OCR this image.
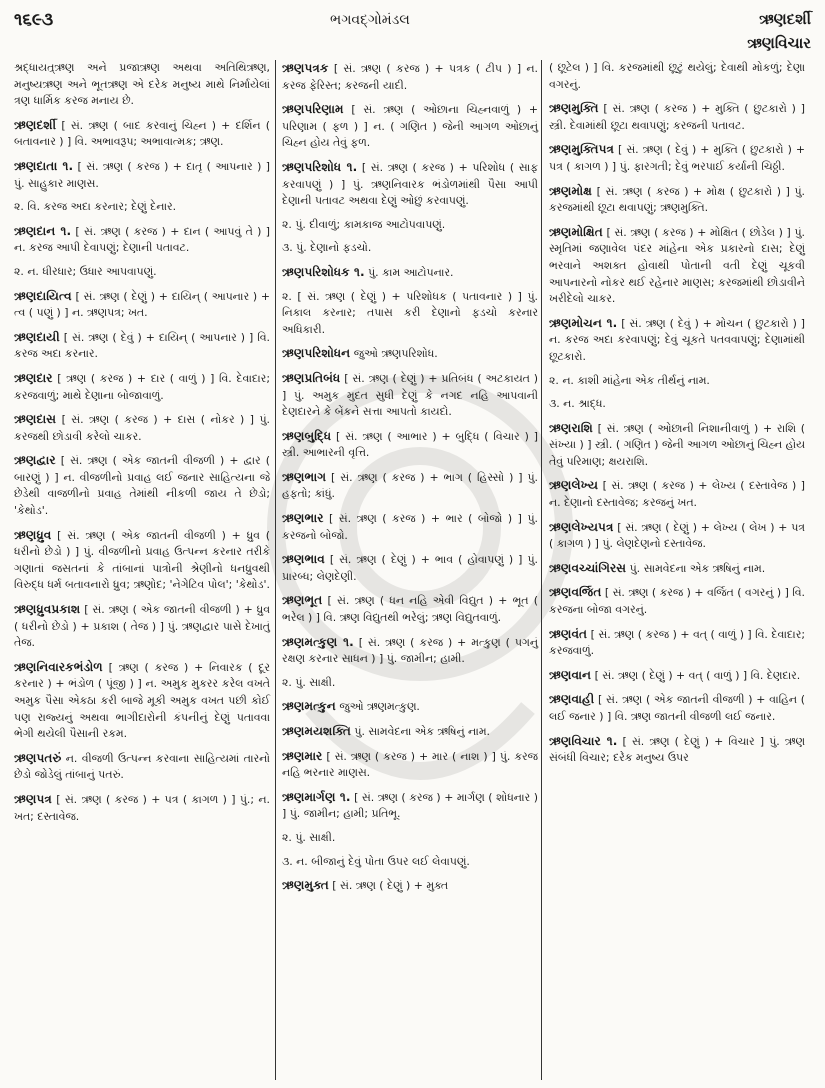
૧૬૯૩	ભગવદ્ગોમંડલ	ઋણદર્શી
ઋણવિચાર

શ્રદ્ધાયત્ર્ઋણ અને પ્રજાઋણ અથવા અતિથિઋણ, મનુષ્યઋણ અને ભૂતઋણ એ દરેક મનુષ્ય માથે નિર્માયેલાં ત્રણ ધાર્મિક કરજ મનાય છે.

ઋણદર્શી [ સં. ઋણ ( બાદ કરવાનું ચિહ્ન ) + દર્શિન ( બતાવનાર ) ] વિ. અભાવરૂપ; અભાવાત્મક; ઋણ.

ઋણદાતા ૧. [ સં. ઋણ ( કરજ ) + દાતૃ ( આપનાર ) ] પું. સાહુકાર માણસ.

૨. વિ. કરજ અદા કરનાર; દેણું દેનાર.

ઋણદાન ૧. [ સં. ઋણ ( કરજ ) + દાન ( આપવું તે ) ] ન. કરજ આપી દેવાપણું; દેણાની પતાવટ.

૨. ન. ધીરધાર; ઉધાર આપવાપણું.

ઋણદાયિત્વ [ સં. ઋણ ( દેણું ) + દાયિન્ ( આપનાર ) + ત્વ ( પણું ) ] ન. ઋણપત્ર; ખત.

ઋણદાયી [ સં. ઋણ ( દેવું ) + દાયિન્ ( આપનાર ) ] વિ. કરજ અદા કરનાર.

ઋણદાર [ ઋણ ( કરજ ) + દાર ( વાળું ) ] વિ. દેવાદાર; કરજવાળું; માથે દેણાના બોજાવાળું.

ઋણદાસ [ સં. ઋણ ( કરજ ) + દાસ ( નોકર ) ] પું. કરજથી છોડાવી કરેલો ચાકર.

ઋણદ્વાર [ સં. ઋણ ( એક જાતની વીજળી ) + દ્વાર ( બારણું ) ] ન. વીજળીનો પ્રવાહ લઈ જનાર સાહિત્યના જે છેડેથી વાજળીનો પ્રવાહ તેમાંથી નીકળી જાય તે છેડો; 'કેથોડ'.

ઋણધ્રુવ [ સં. ઋણ ( એક જાતની વીજળી ) + ધ્રુવ ( ધરીનો છેડો ) ] પું. વીજળીનો પ્રવાહ ઉત્પન્ન કરનાર તરીકે ગણાતાં જસતનાં કે તાંબાનાં પાત્રોની શ્રેણીનો ધનધ્રુવથી વિરુદ્ધ ધર્મ બતાવનારો ધ્રુવ; ઋણોદ; 'નેગેટિવ પોલ'; 'કેથોડ'.

ઋણધ્રુવપ્રકાશ [ સં. ઋણ ( એક જાતની વીજળી ) + ધ્રુવ ( ધરીનો છેડો ) + પ્રકાશ ( તેજ ) ] પું. ઋણદ્વાર પાસે દેખાતું તેજ.

ઋણનિવારકભંડોળ [ ઋણ ( કરજ ) + નિવારક ( દૂર કરનાર ) + ભંડોળ ( પૂંજી ) ] ન. અમુક મુકરર કરેલ વખતે અમુક પૈસા એકઠા કરી બાજે મૂકી અમુક વખત પછી કોઈ પણ રાજ્યનું અથવા ભાગીદારોની કંપનીનું દેણું પતાવવા ભેગી થયેલી પૈસાની રકમ.

ઋણપતરું ન. વીજળી ઉત્પન્ન કરવાના સાહિત્યમાં તારનો છેડો જોડેલું તાંબાનું પતરું.

ઋણપત્ર [ સં. ઋણ ( કરજ ) + પત્ર ( કાગળ ) ] પું.; ન. ખત; દસ્તાવેજ.

ઋણપત્રક [ સં. ઋણ ( કરજ ) + પત્રક ( ટીપ ) ] ન. કરજ ફેરિસ્ત; કરજની યાદી.

ઋણપરિણામ [ સં. ઋણ ( ઓછાના ચિહ્નવાળું ) + પરિણામ ( ફળ ) ] ન. ( ગણિત ) જેની આગળ ઓછાનું ચિહ્ન હોય તેવું ફળ.

ઋણપરિશોધ ૧. [ સં. ઋણ ( કરજ ) + પરિશોધ ( સાફ કરવાપણું ) ] પું. ઋણનિવારક ભંડોળમાંથી પૈસા આપી દેણાની પતાવટ અથવા દેણું ઓછું કરવાપણું.

૨. પું. દીવાળું; કામકાજ આટોપવાપણું.

૩. પું. દેણાનો ફડચો.

ઋણપરિશોધક ૧. પું. કામ આટોપનાર.

૨. [ સં. ઋણ ( દેણું ) + પરિશોધક ( પતાવનાર ) ] પું. નિકાલ કરનાર; તપાસ કરી દેણાનો ફડચો કરનાર અધિકારી.

ઋણપરિશોધન જુઓ ઋણપરિશોધ.

ઋણપ્રતિબંધ [ સં. ઋણ ( દેણું ) + પ્રતિબંધ ( અટકાયત ) ] પું. અમુક મુદત સુધી દેણું કે નગદ નહિ આપવાની દેણદારને કે બેંકને સત્તા આપતો કાયદો.

ઋણબુદ્ધિ [ સં. ઋણ ( આભાર ) + બુદ્ધિ ( વિચાર ) ] સ્ત્રી. આભારની વૃત્તિ.

ઋણભાગ [ સં. ઋણ ( કરજ ) + ભાગ ( હિસ્સો ) ] પું. હફતો; કાંધું.

ઋણભાર [ સં. ઋણ ( કરજ ) + ભાર ( બોજો ) ] પું. કરજનો બોજો.

ઋણભાવ [ સં. ઋણ ( દેણું ) + ભાવ ( હોવાપણું ) ] પું. પ્રારબ્ધ; લેણદેણી.

ઋણભૂત [ સં. ઋણ ( ધન નહિ એવી વિદ્યુત ) + ભૂત ( ભરેલ ) ] વિ. ઋણ વિદ્યુતથી ભરેલું; ઋણ વિદ્યુતવાળું.

ઋણમત્કુણ ૧. [ સં. ઋણ ( કરજ ) + મત્કુણ ( પગનું રક્ષણ કરનાર સાધન ) ] પું. જામીન; હામી.

૨. પું. સાક્ષી.

ઋણમત્કુન જુઓ ઋણમત્કુણ.

ઋણમયશક્તિ પું. સામવેદના એક ઋષિનું નામ.

ઋણમાર [ સં. ઋણ ( કરજ ) + માર ( નાશ ) ] પું. કરજ નહિ ભરનાર માણસ.

ઋણમાર્ગણ ૧. [ સં. ઋણ ( કરજ ) + માર્ગણ ( શોધનાર ) ] પું. જામીન; હામી; પ્રતિભૂ.

૨. પું. સાક્ષી.

૩. ન. બીજાનું દેવું પોતા ઉપર લઈ લેવાપણું.

ઋણમુક્ત [ સં. ઋણ ( દેણું ) + મુક્ત

( છૂટેલ ) ] વિ. કરજમાંથી છૂટું થયેલું; દેવાથી મોકળું; દેણા વગરનું.

ઋણમુક્તિ [ સં. ઋણ ( કરજ ) + મુક્તિ ( છુટકારો ) ] સ્ત્રી. દેવામાંથી છૂટા થવાપણું; કરજની પતાવટ.

ઋણમુક્તિપત્ર [ સં. ઋણ ( દેવું ) + મુક્તિ ( છુટકારો ) + પત્ર ( કાગળ ) ] પું. ફારગતી; દેવું ભરપાઈ કર્યાની ચિઠ્ઠી.

ઋણમોક્ષ [ સં. ઋણ ( કરજ ) + મોક્ષ ( છુટકારો ) ] પું. કરજમાંથી છૂટા થવાપણું; ઋણમુક્તિ.

ઋણમોક્ષિત [ સં. ઋણ ( કરજ ) + મોક્ષિત ( છોડેલ ) ] પું. સ્મૃતિમાં જણાવેલ પંદર માંહેના એક પ્રકારનો દાસ; દેણું ભરવાને અશક્ત હોવાથી પોતાની વતી દેણું ચૂકવી આપનારનો નોકર થઈ રહેનાર માણસ; કરજમાંથી છોડાવીને ખરીદેલો ચાકર.

ઋણમોચન ૧. [ સં. ઋણ ( દેવું ) + મોચન ( છુટકારો ) ] ન. કરજ અદા કરવાપણું; દેવું ચૂકતે પતવવાપણું; દેણામાંથી છૂટકારો.

૨. ન. કાશી માંહેના એક તીર્થનું નામ.

૩. ન. શ્રાદ્ધ.

ઋણરાશિ [ સં. ઋણ ( ઓછાની નિશાનીવાળું ) + રાશિ ( સંખ્યા ) ] સ્ત્રી. ( ગણિત ) જેની આગળ ઓછાનું ચિહ્ન હોય તેવું પરિમાણ; ક્ષયરાશિ.

ઋણલેખ્ય [ સં. ઋણ ( કરજ ) + લેખ્ય ( દસ્તાવેજ ) ] ન. દેણાનો દસ્તાવેજ; કરજનું ખત.

ઋણલેખ્યપત્ર [ સં. ઋણ ( દેણું ) + લેખ્ય ( લેખ ) + પત્ર ( કાગળ ) ] પું. લેણદેણનો દસ્તાવેજ.

ઋણવચ્ચાંગિરસ પું. સામવેદના એક ઋષિનું નામ.

ઋણવર્જિત [ સં. ઋણ ( કરજ ) + વર્જિત ( વગરનું ) ] વિ. કરજના બોજા વગરનું.

ઋણવંત [ સં. ઋણ ( કરજ ) + વત્ ( વાળું ) ] વિ. દેવાદાર; કરજવાળું.

ઋણવાન [ સં. ઋણ ( દેણું ) + વત્ ( વાળું ) ] વિ. દેણદાર.

ઋણવાહી [ સં. ઋણ ( એક જાતની વીજળી ) + વાહિન ( લઈ જનાર ) ] વિ. ઋણ જાતની વીજળી લઈ જનાર.

ઋણવિચાર ૧. [ સં. ઋણ ( દેણું ) + વિચાર ] પું. ઋણ સંબંધી વિચાર; દરેક મનુષ્ય ઉપર
